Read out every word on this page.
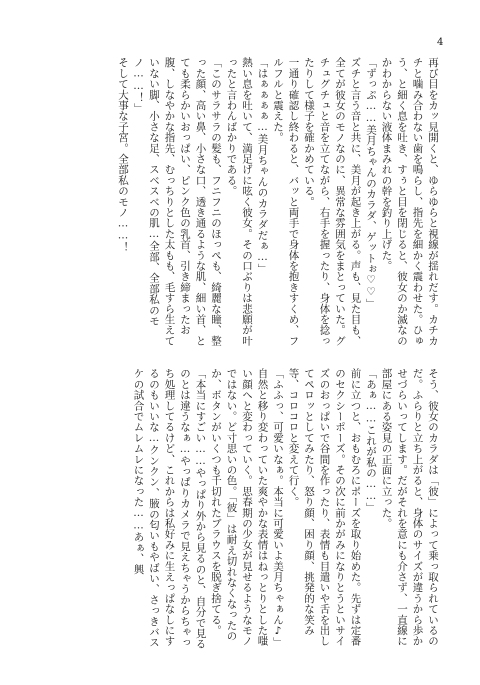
4

再び目をカッ見開くと、ゆらゆらと視線が揺れだす。カチカチと噛み合わない歯を鳴らし、指先を細かく震わせた。ひゅう、と細く息を吐き、すぅと目を閉じると、彼女のか滅なのかわからない液体まみれの幹を釣り上げた。

「ずっぷ……美月ちゃんのカラダ、ゲットぉ♡♡」

ズチと言う音と共に、美月が起き上がる。声も、見た目も、全てが彼女のモノなのに、異常な雰囲気をまとっていた。グチュグチュと音を立てながら、右手を握ったり、身体を捻ったりして様子を確かめている。

一通り確認し終わると、バッと両手で身体を抱きすくめ、フルフルと震えた。

「はぁぁぁぁ…美月ちゃんのカラダだぁ…」

熱い息を吐いて、満足げに呟く彼女。その口ぶりは悲願が叶ったと言わんばかりである。

「このサラサラの髪も、フニフニのほっぺも、綺麗な瞳、整った顔、高い鼻、小さな口、透き通るような肌、細い首、とても柔らかいおっぱい、ピンク色の乳首、引き締まったお腹、しなやかな指先、むっちりとした太もも、毛すら生えていない脚、小さな足、スベスベの肌…全部、全部私のモノ……！」

そして大事な子宮。全部私のモノ……！

そう、彼女のカラダは「彼」によって乗っ取られているのだ。ふらりと立ち上がると、身体のサイズが違うから歩かせづらいってします。だがそれを意にも介さず、一直線に部屋にある姿見の正面に立った。

「あぁ……これが私の……」

前に立つと、おもむろにポーズを取り始めた。先ずは定番のセクシーポーズ。その次に前かがみになりとうといサイズのおっぱいで谷間を作ったり、表情も目遣いや舌を出してペロッとしてみたり、怒り顔、困り顔、挑発的な笑み等、コロコロと変えて行く。

「ふふっ、可愛いなぁ。本当に可愛いよ美月ちゃぁん♪」

自然と移り変わっていた爽やかな表情はねっとりとした嗤い顔へと変わっていく。思春期の少女が見せるようなモノではない。ど寸思いの色。「彼」は耐え切れなくなったのか、ボタンがいくつも千切れたブラウスを脱ぎ捨てる。

「本当にすごい……やっぱり外から見るのと、自分で見るのとは違うなぁ…やっぱりカメラで見えちゃうからちゃっち処理してるけど、これからは私好みに生えっぱなしにするのもいいな…クンクン、腋の匂いもやばい、さっきバスケの試合でムレムレになった……あぁ、興
